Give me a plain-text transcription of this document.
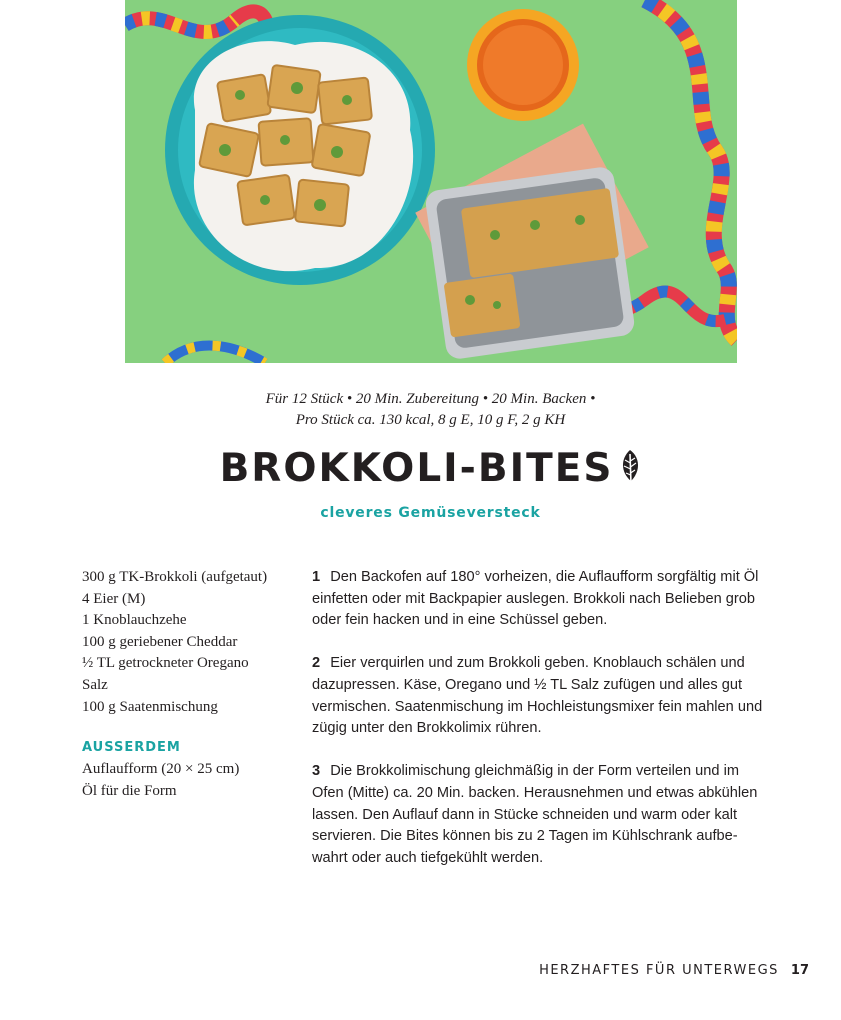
Für 12 Stück • 20 Min. Zubereitung • 20 Min. Backen •
Pro Stück ca. 130 kcal, 8 g E, 10 g F, 2 g KH
BROKKOLI-BITES
cleveres Gemüseversteck
300 g TK-Brokkoli (aufgetaut)
4 Eier (M)
1 Knoblauchzehe
100 g geriebener Cheddar
½ TL getrockneter Oregano
Salz
100 g Saatenmischung
AUSSERDEM
Auflaufform (20 × 25 cm)
Öl für die Form

1 Den Backofen auf 180° vorheizen, die Auflaufform sorgfältig mit Öl einfetten oder mit Backpapier auslegen. Brokkoli nach Belieben grob oder fein hacken und in eine Schüssel geben.

2 Eier verquirlen und zum Brokkoli geben. Knoblauch schälen und dazupressen. Käse, Oregano und ½ TL Salz zufügen und alles gut vermischen. Saatenmischung im Hochleistungsmixer fein mahlen und zügig unter den Brokkolimix rühren.

3 Die Brokkolimischung gleichmäßig in der Form verteilen und im Ofen (Mitte) ca. 20 Min. backen. Herausnehmen und etwas abkühlen lassen. Den Auflauf dann in Stücke schneiden und warm oder kalt servieren. Die Bites können bis zu 2 Tagen im Kühlschrank aufbe-wahrt oder auch tiefgekühlt werden.

HERZHAFTES FÜR UNTERWEGS 17
